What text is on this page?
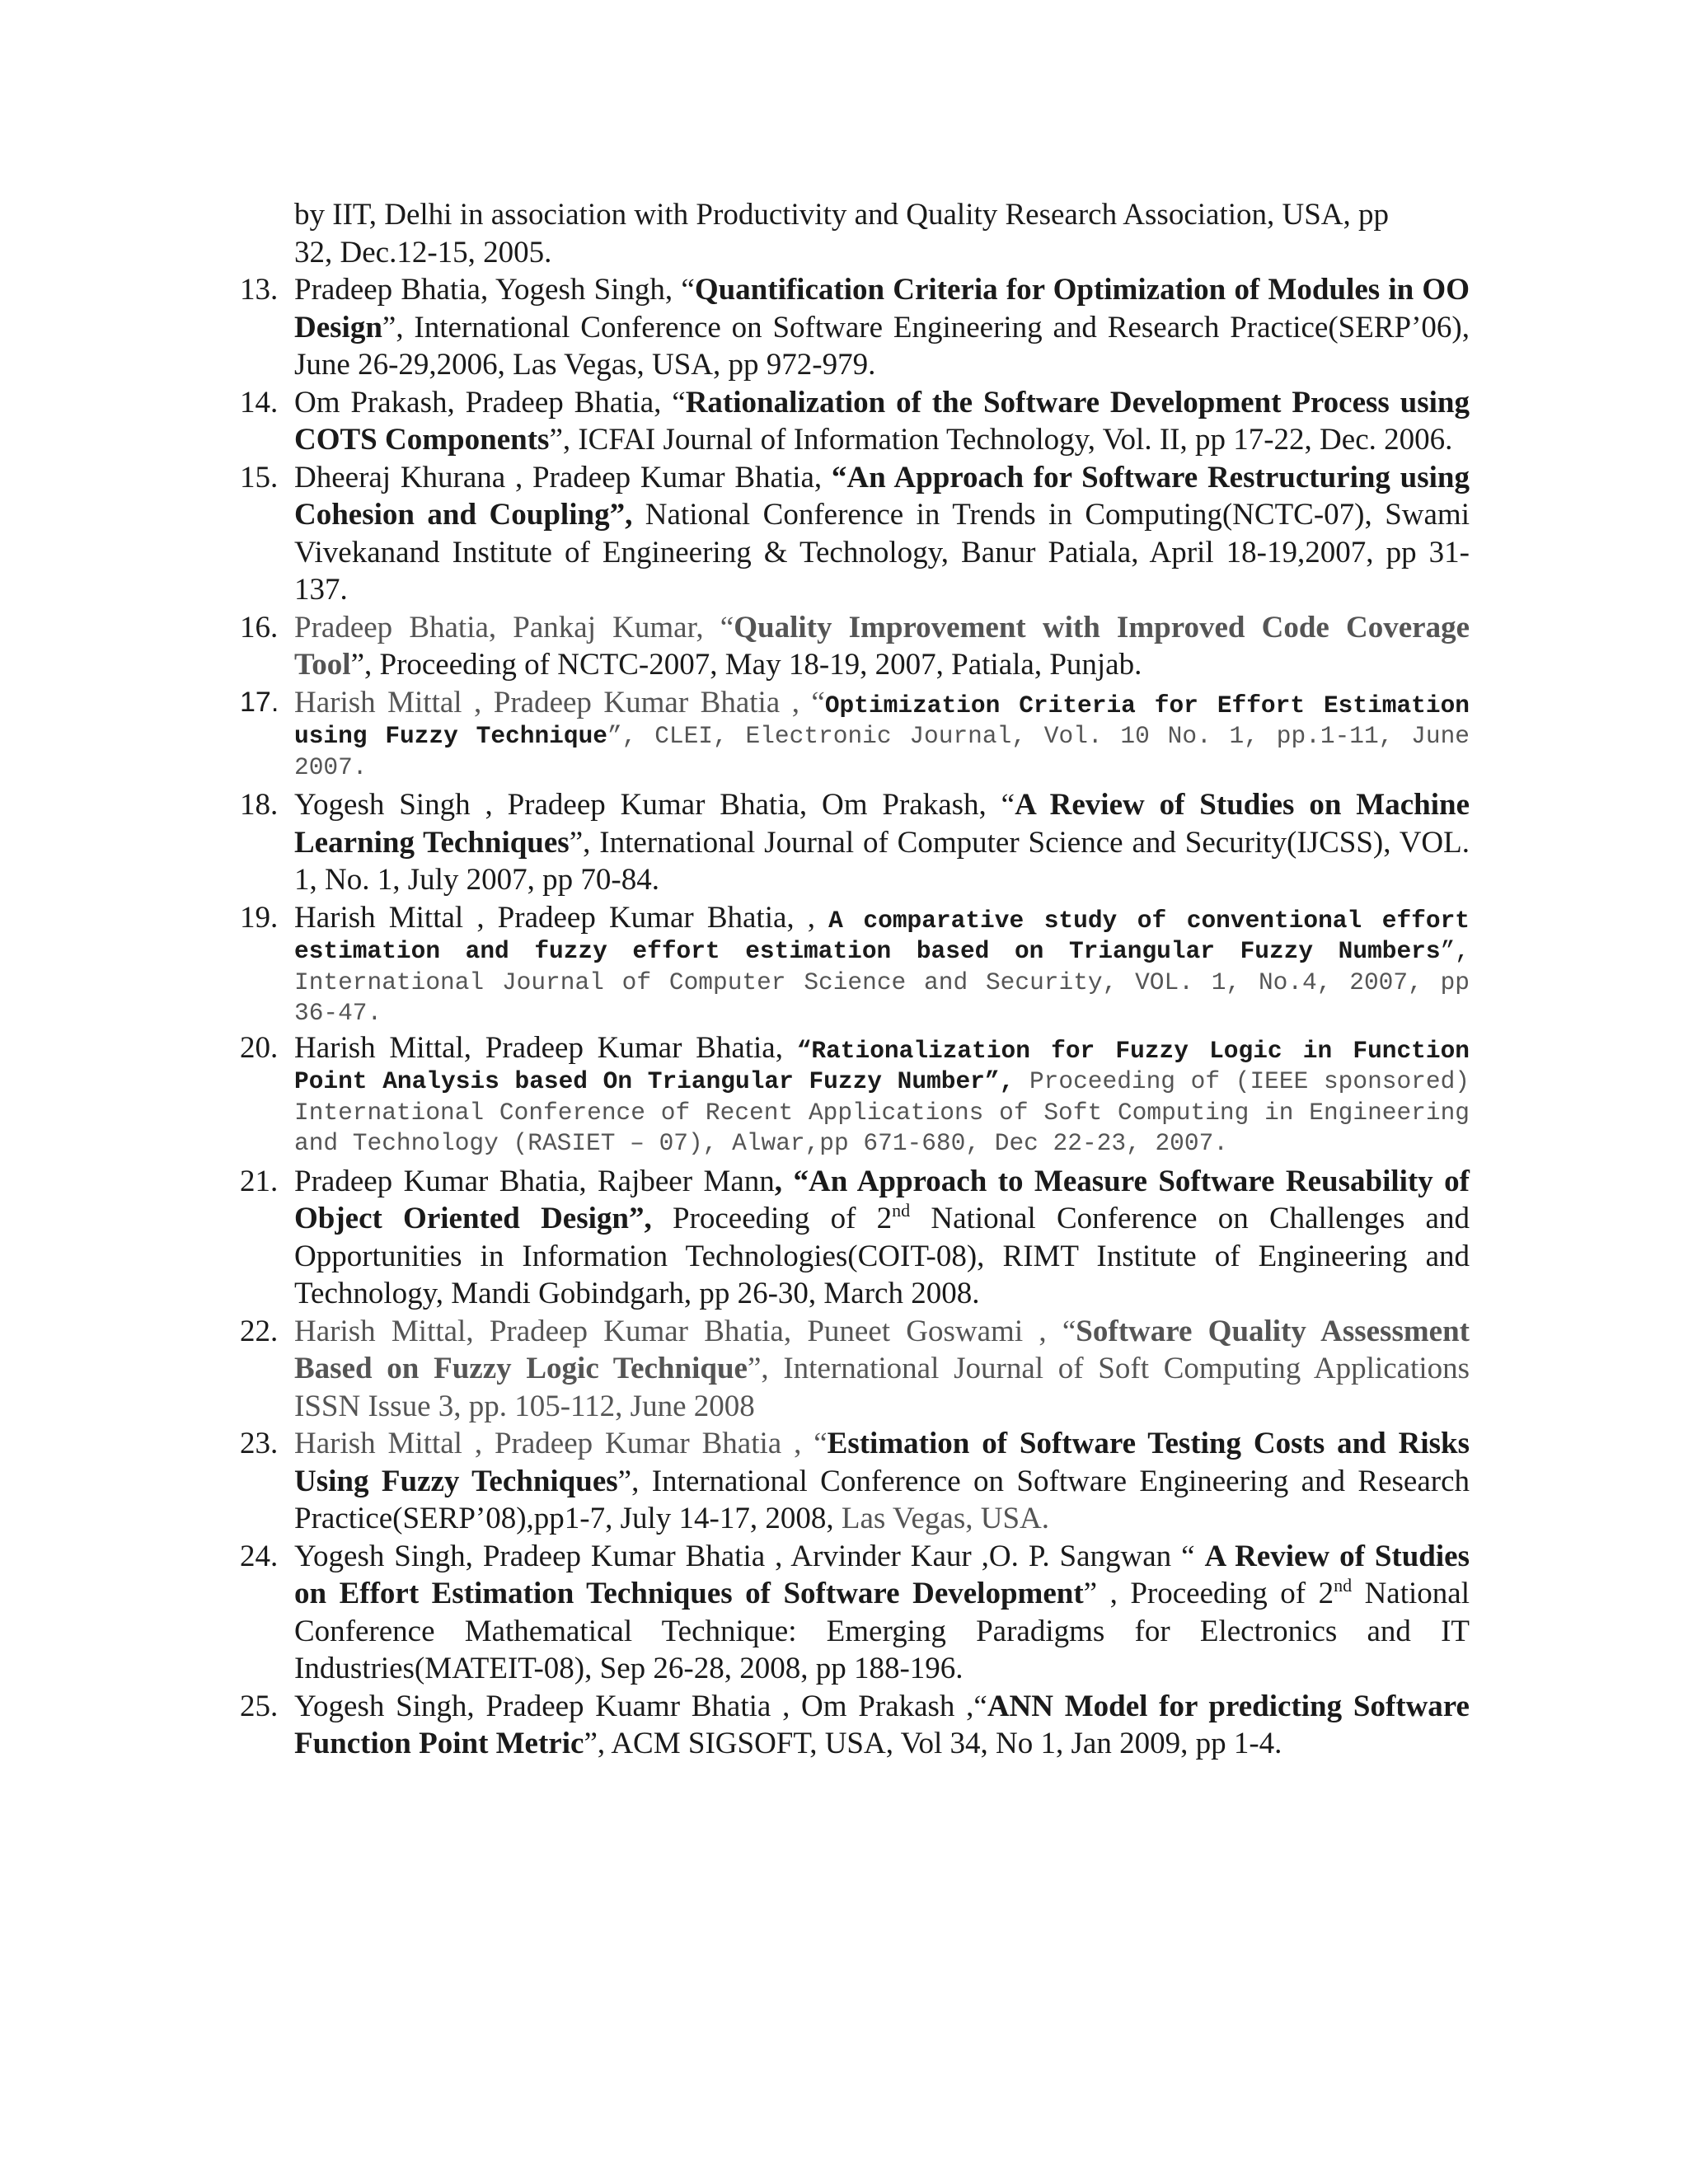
by IIT, Delhi in association with Productivity and Quality Research Association, USA, pp
32, Dec.12-15, 2005.
13. Pradeep Bhatia, Yogesh Singh, “Quantification Criteria for Optimization of Modules in OO Design”, International Conference on Software Engineering and Research Practice(SERP’06), June 26-29,2006, Las Vegas, USA, pp 972-979.
14. Om Prakash, Pradeep Bhatia, “Rationalization of the Software Development Process using COTS Components”, ICFAI Journal of Information Technology, Vol. II, pp 17-22, Dec. 2006.
15. Dheeraj Khurana , Pradeep Kumar Bhatia, “An Approach for Software Restructuring using Cohesion and Coupling”, National Conference in Trends in Computing(NCTC-07), Swami Vivekanand Institute of Engineering & Technology, Banur Patiala, April 18-19,2007, pp 31-137.
16. Pradeep Bhatia, Pankaj Kumar, “Quality Improvement with Improved Code Coverage Tool”, Proceeding of NCTC-2007, May 18-19, 2007, Patiala, Punjab.
17. Harish Mittal , Pradeep Kumar Bhatia , “Optimization Criteria for Effort Estimation using Fuzzy Technique”, CLEI, Electronic Journal, Vol. 10 No. 1, pp.1-11, June 2007.
18. Yogesh Singh , Pradeep Kumar Bhatia, Om Prakash, “A Review of Studies on Machine Learning Techniques”, International Journal of Computer Science and Security(IJCSS), VOL. 1, No. 1, July 2007, pp 70-84.
19. Harish Mittal , Pradeep Kumar Bhatia, , A comparative study of conventional effort estimation and fuzzy effort estimation based on Triangular Fuzzy Numbers”, International Journal of Computer Science and Security, VOL. 1, No.4, 2007, pp 36-47.
20. Harish Mittal, Pradeep Kumar Bhatia, “Rationalization for Fuzzy Logic in Function Point Analysis based On Triangular Fuzzy Number”, Proceeding of (IEEE sponsored) International Conference of Recent Applications of Soft Computing in Engineering and Technology (RASIET – 07), Alwar,pp 671-680, Dec 22-23, 2007.
21. Pradeep Kumar Bhatia, Rajbeer Mann, “An Approach to Measure Software Reusability of Object Oriented Design”, Proceeding of 2nd National Conference on Challenges and Opportunities in Information Technologies(COIT-08), RIMT Institute of Engineering and Technology, Mandi Gobindgarh, pp 26-30, March 2008.
22. Harish Mittal, Pradeep Kumar Bhatia, Puneet Goswami , “Software Quality Assessment Based on Fuzzy Logic Technique”, International Journal of Soft Computing Applications ISSN Issue 3, pp. 105-112, June 2008
23. Harish Mittal , Pradeep Kumar Bhatia , “Estimation of Software Testing Costs and Risks Using Fuzzy Techniques”, International Conference on Software Engineering and Research Practice(SERP’08),pp1-7, July 14-17, 2008, Las Vegas, USA.
24. Yogesh Singh, Pradeep Kumar Bhatia , Arvinder Kaur ,O. P. Sangwan “ A Review of Studies on Effort Estimation Techniques of Software Development” , Proceeding of 2nd National Conference Mathematical Technique: Emerging Paradigms for Electronics and IT Industries(MATEIT-08), Sep 26-28, 2008, pp 188-196.
25. Yogesh Singh, Pradeep Kuamr Bhatia , Om Prakash ,“ANN Model for predicting Software Function Point Metric”, ACM SIGSOFT, USA, Vol 34, No 1, Jan 2009, pp 1-4.
